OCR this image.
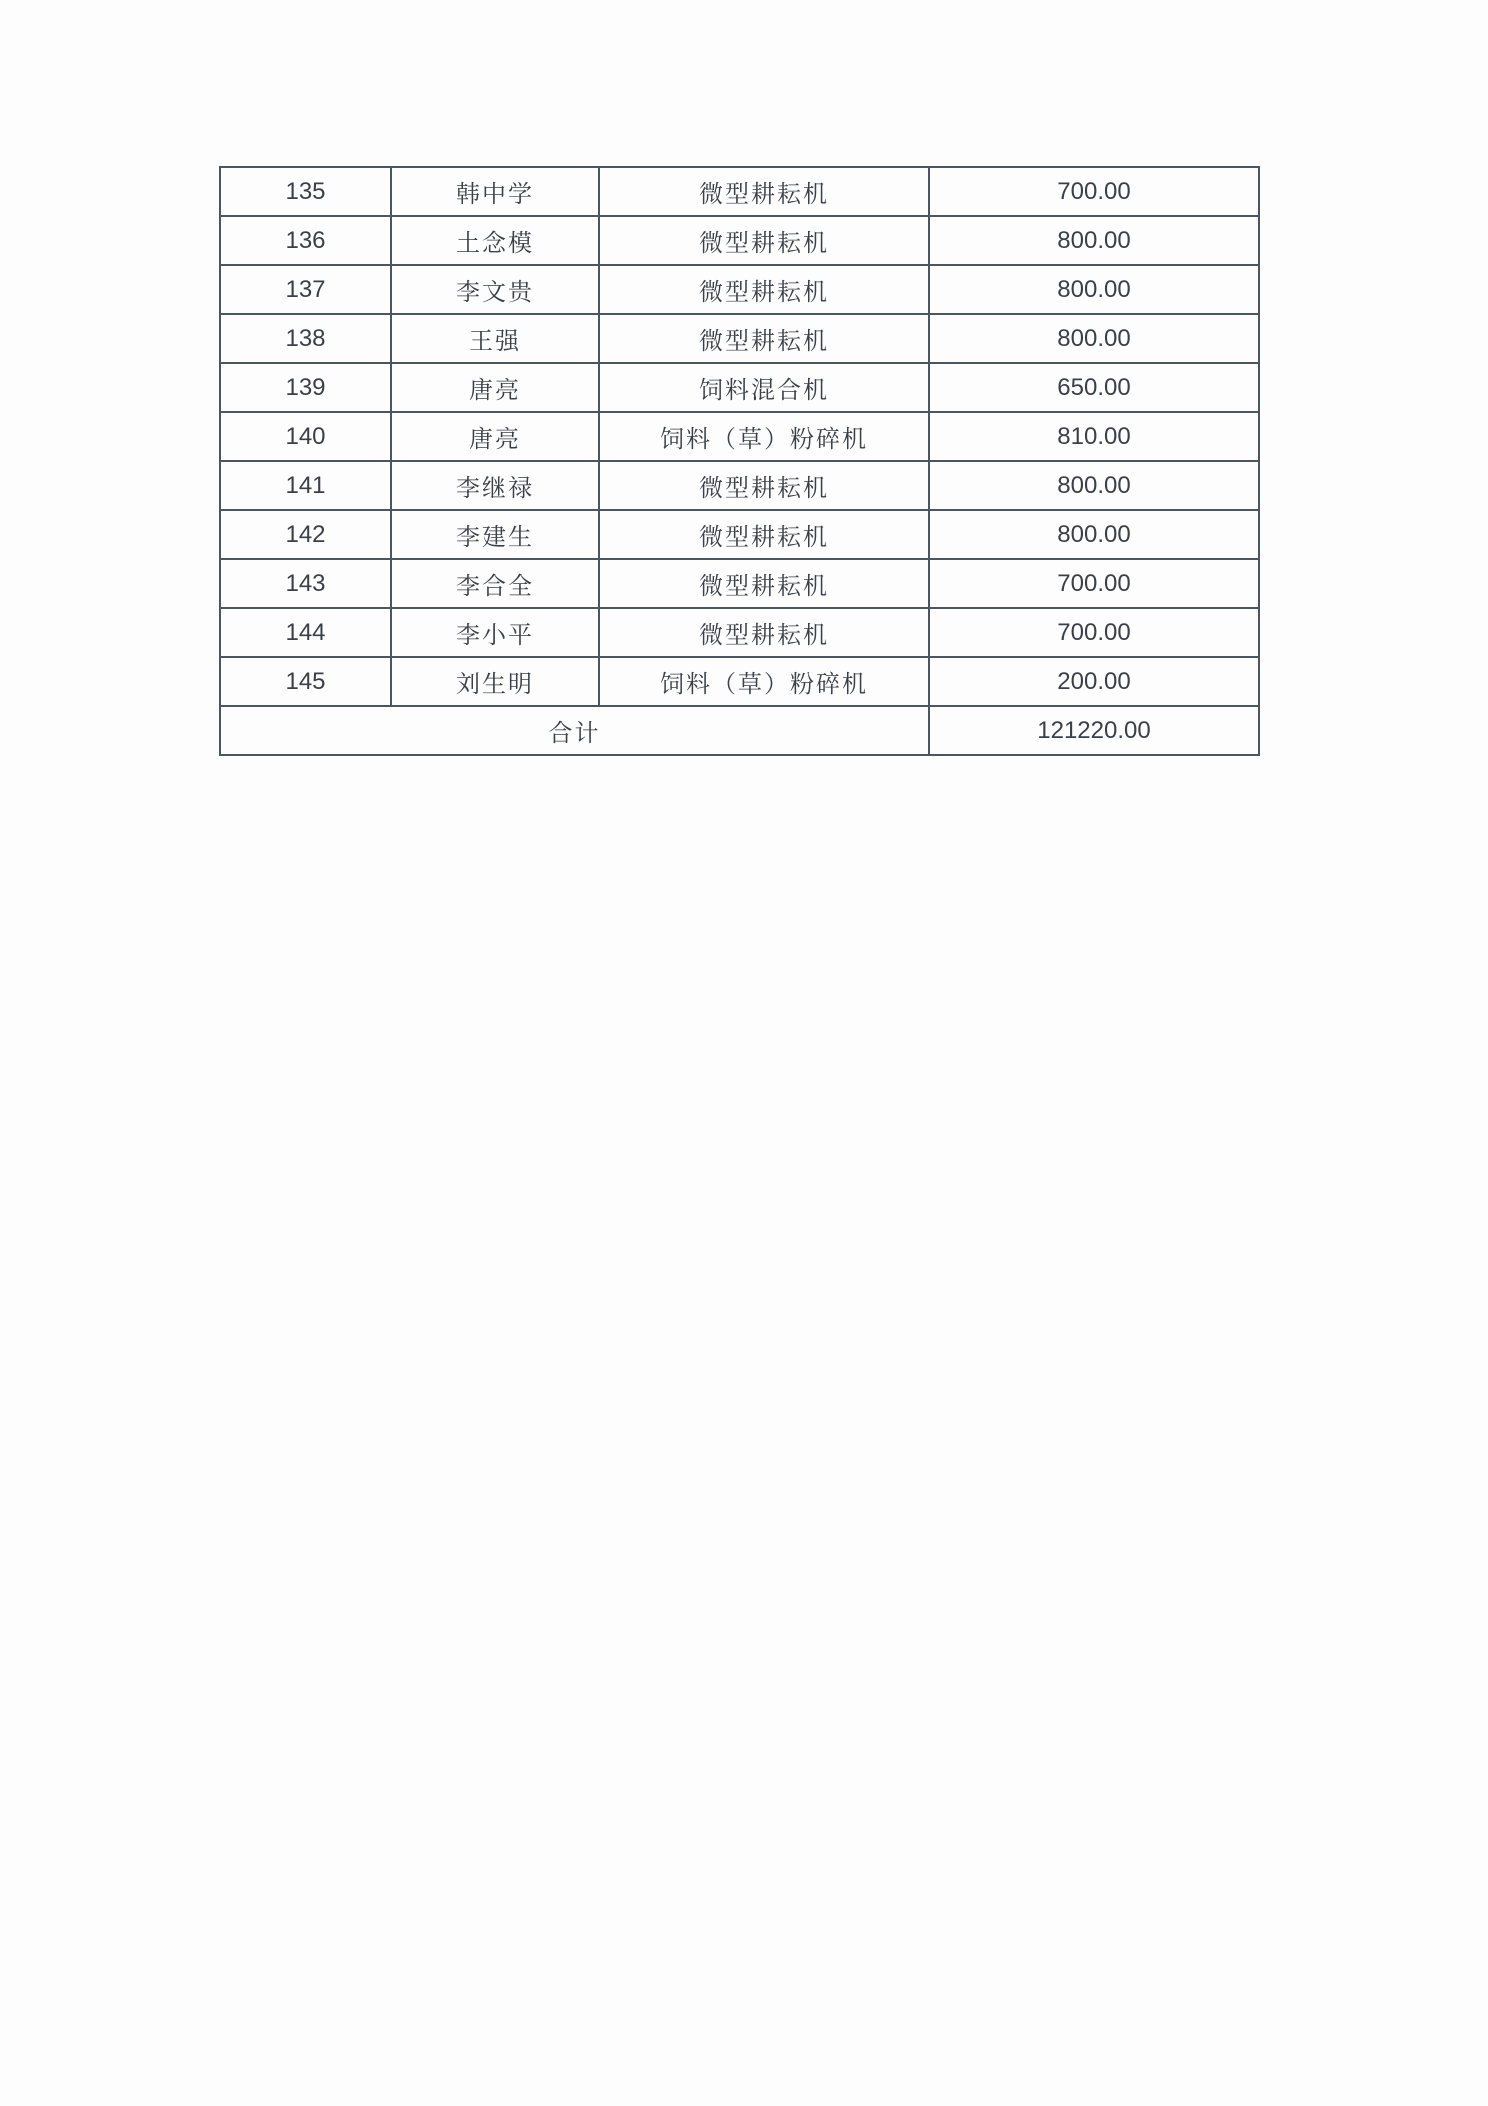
135	韩中学	微型耕耘机	700.00
136	土念模	微型耕耘机	800.00
137	李文贵	微型耕耘机	800.00
138	王强	微型耕耘机	800.00
139	唐亮	饲料混合机	650.00
140	唐亮	饲料（草）粉碎机	810.00
141	李继禄	微型耕耘机	800.00
142	李建生	微型耕耘机	800.00
143	李合全	微型耕耘机	700.00
144	李小平	微型耕耘机	700.00
145	刘生明	饲料（草）粉碎机	200.00
合计			121220.00
